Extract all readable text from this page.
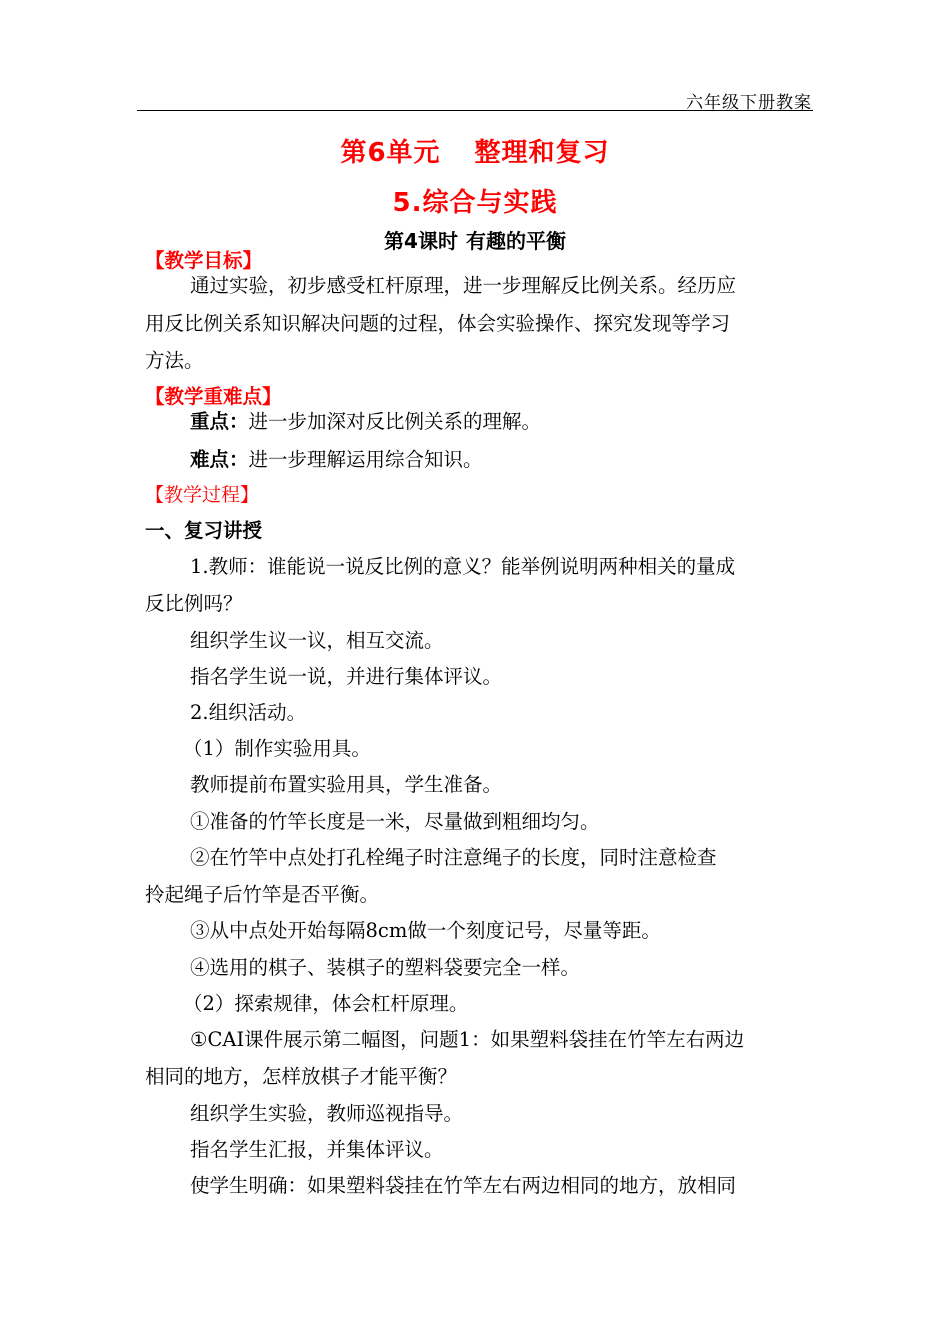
六年级下册教案
第6单元 整理和复习
5.综合与实践
第4课时 有趣的平衡
【教学目标】
通过实验，初步感受杠杆原理，进一步理解反比例关系。经历应
用反比例关系知识解决问题的过程，体会实验操作、探究发现等学习
方法。
【教学重难点】
重点：进一步加深对反比例关系的理解。
难点：进一步理解运用综合知识。
【教学过程】
一、复习讲授
1.教师：谁能说一说反比例的意义？能举例说明两种相关的量成
反比例吗？
组织学生议一议，相互交流。
指名学生说一说，并进行集体评议。
2.组织活动。
（1）制作实验用具。
教师提前布置实验用具，学生准备。
①准备的竹竿长度是一米，尽量做到粗细均匀。
②在竹竿中点处打孔栓绳子时注意绳子的长度，同时注意检查
拎起绳子后竹竿是否平衡。
③从中点处开始每隔8cm做一个刻度记号，尽量等距。
④选用的棋子、装棋子的塑料袋要完全一样。
（2）探索规律，体会杠杆原理。
①CAI课件展示第二幅图，问题1：如果塑料袋挂在竹竿左右两边
相同的地方，怎样放棋子才能平衡？
组织学生实验，教师巡视指导。
指名学生汇报，并集体评议。
使学生明确：如果塑料袋挂在竹竿左右两边相同的地方，放相同
